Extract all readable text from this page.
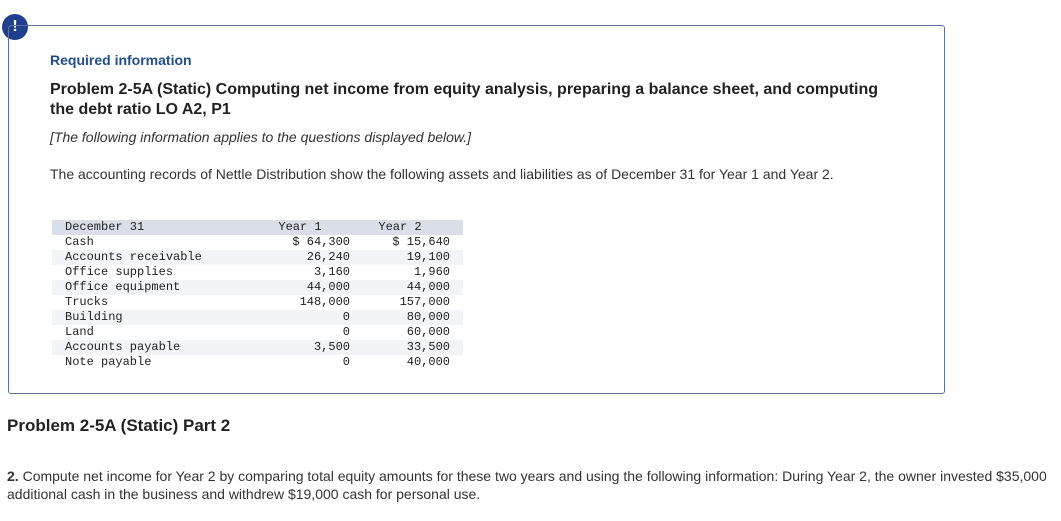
!
Required information
Problem 2-5A (Static) Computing net income from equity analysis, preparing a balance sheet, and computing the debt ratio LO A2, P1
[The following information applies to the questions displayed below.]
The accounting records of Nettle Distribution show the following assets and liabilities as of December 31 for Year 1 and Year 2.
December 31	Year 1	Year 2
Cash	$ 64,300	$ 15,640
Accounts receivable	26,240	19,100
Office supplies	3,160	1,960
Office equipment	44,000	44,000
Trucks	148,000	157,000
Building	0	80,000
Land	0	60,000
Accounts payable	3,500	33,500
Note payable	0	40,000
Problem 2-5A (Static) Part 2
2. Compute net income for Year 2 by comparing total equity amounts for these two years and using the following information: During Year 2, the owner invested $35,000 additional cash in the business and withdrew $19,000 cash for personal use.
